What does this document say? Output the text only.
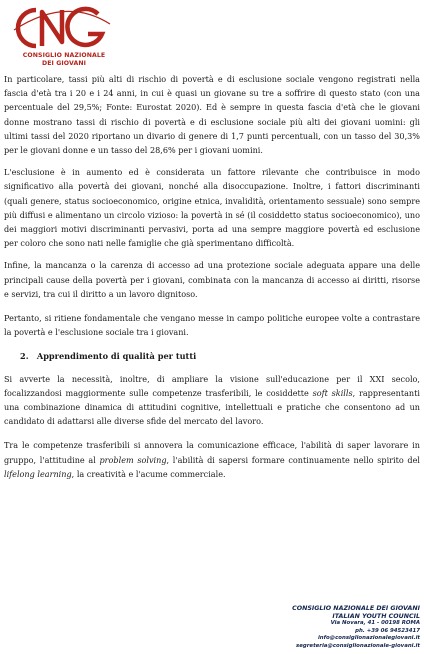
CONSIGLIO NAZIONALE
DEI GIOVANI

In particolare, tassi più alti di rischio di povertà e di esclusione sociale vengono registrati nella fascia d'età tra i 20 e i 24 anni, in cui è quasi un giovane su tre a soffrire di questo stato (con una percentuale del 29,5%; Fonte: Eurostat 2020). Ed è sempre in questa fascia d'età che le giovani donne mostrano tassi di rischio di povertà e di esclusione sociale più alti dei giovani uomini: gli ultimi tassi del 2020 riportano un divario di genere di 1,7 punti percentuali, con un tasso del 30,3% per le giovani donne e un tasso del 28,6% per i giovani uomini.

L'esclusione è in aumento ed è considerata un fattore rilevante che contribuisce in modo significativo alla povertà dei giovani, nonché alla disoccupazione. Inoltre, i fattori discriminanti (quali genere, status socioeconomico, origine etnica, invalidità, orientamento sessuale) sono sempre più diffusi e alimentano un circolo vizioso: la povertà in sé (il cosiddetto status socioeconomico), uno dei maggiori motivi discriminanti pervasivi, porta ad una sempre maggiore povertà ed esclusione per coloro che sono nati nelle famiglie che già sperimentano difficoltà.

Infine, la mancanza o la carenza di accesso ad una protezione sociale adeguata appare una delle principali cause della povertà per i giovani, combinata con la mancanza di accesso ai diritti, risorse e servizi, tra cui il diritto a un lavoro dignitoso.

Pertanto, si ritiene fondamentale che vengano messe in campo politiche europee volte a contrastare la povertà e l'esclusione sociale tra i giovani.

2. Apprendimento di qualità per tutti

Si avverte la necessità, inoltre, di ampliare la visione sull'educazione per il XXI secolo, focalizzandosi maggiormente sulle competenze trasferibili, le cosiddette soft skills, rappresentanti una combinazione dinamica di attitudini cognitive, intellettuali e pratiche che consentono ad un candidato di adattarsi alle diverse sfide del mercato del lavoro.

Tra le competenze trasferibili si annovera la comunicazione efficace, l'abilità di saper lavorare in gruppo, l'attitudine al problem solving, l'abilità di sapersi formare continuamente nello spirito del lifelong learning, la creatività e l'acume commerciale.

CONSIGLIO NAZIONALE DEI GIOVANI
ITALIAN YOUTH COUNCIL
Via Novara, 41 - 00198 ROMA
ph. +39 06 94523417
info@consiglionazionalegiovani.it
segreteria@consiglionazionale-giovani.it
